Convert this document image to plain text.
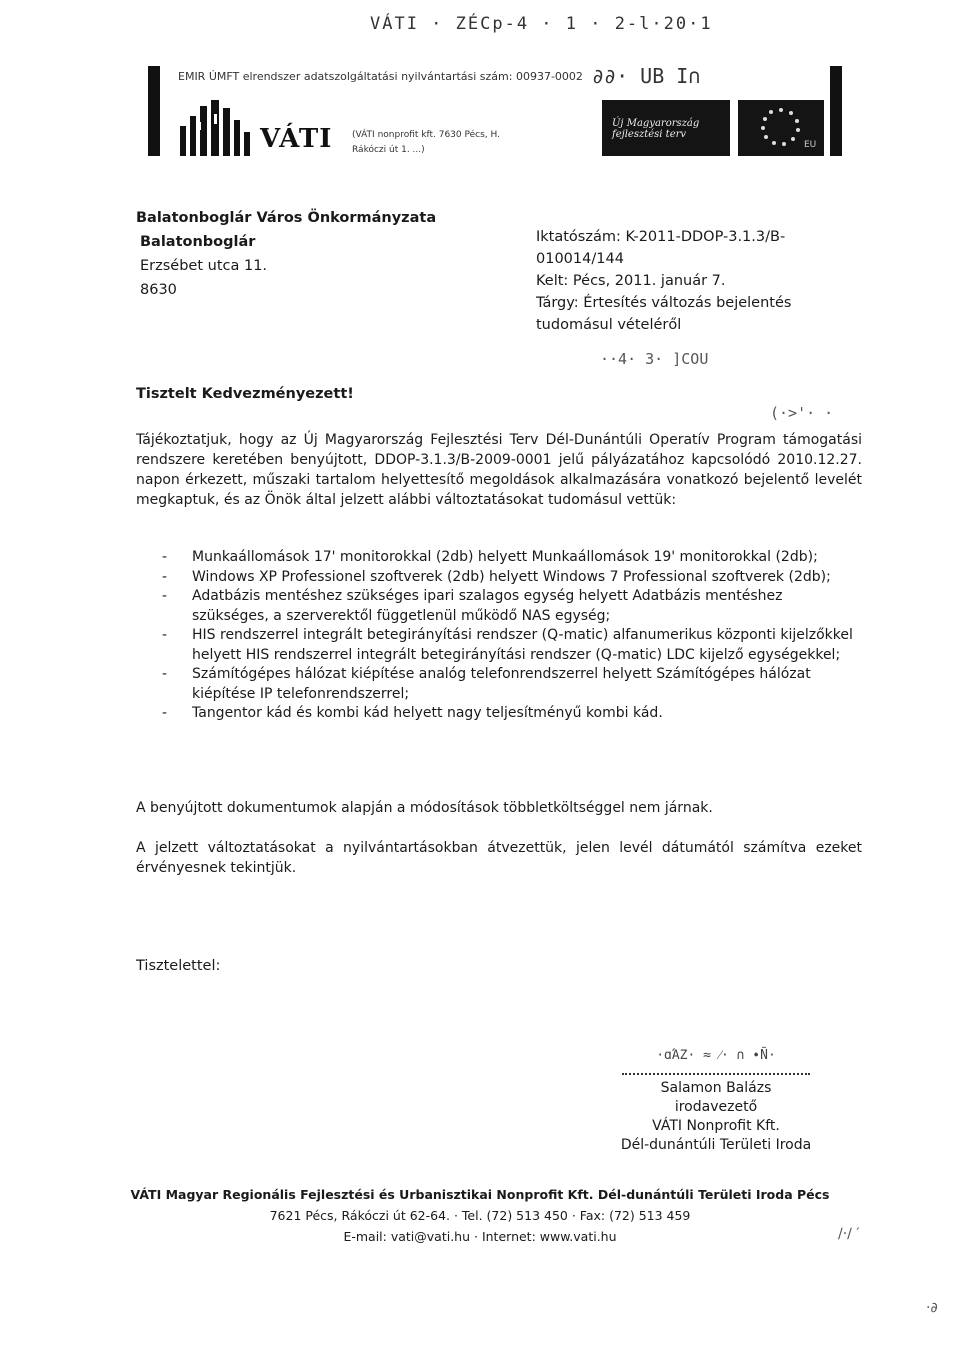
VÁTI · ZÉCp-4 · 1 · 2-l·20·1
EMIR ÚMFT elrendszer adatszolgáltatási nyilvántartási szám: 00937-0002 ∂∂· UB I∩
VÁTI (VÁTI nonprofit kft. 7630 Pécs, H. Rákóczi út 1. ...)
Új Magyarország fejlesztési terv
EU
Balatonboglár Város Önkormányzata
Balatonboglár
Erzsébet utca 11.
8630
Iktatószám: K-2011-DDOP-3.1.3/B-
010014/144
Kelt: Pécs, 2011. január 7.
Tárgy: Értesítés változás bejelentés
tudomásul vételéről
··4· 3· ]COU
(·>'· ·
Tisztelt Kedvezményezett!
Tájékoztatjuk, hogy az Új Magyarország Fejlesztési Terv Dél-Dunántúli Operatív Program támogatási rendszere keretében benyújtott, DDOP-3.1.3/B-2009-0001 jelű pályázatához kapcsolódó 2010.12.27. napon érkezett, műszaki tartalom helyettesítő megoldások alkalmazására vonatkozó bejelentő levelét megkaptuk, és az Önök által jelzett alábbi változtatásokat tudomásul vettük:
- Munkaállomások 17' monitorokkal (2db) helyett Munkaállomások 19' monitorokkal (2db);
- Windows XP Professionel szoftverek (2db) helyett Windows 7 Professional szoftverek (2db);
- Adatbázis mentéshez szükséges ipari szalagos egység helyett Adatbázis mentéshez szükséges, a szerverektől függetlenül működő NAS egység;
- HIS rendszerrel integrált betegirányítási rendszer (Q-matic) alfanumerikus központi kijelzőkkel helyett HIS rendszerrel integrált betegirányítási rendszer (Q-matic) LDC kijelző egységekkel;
- Számítógépes hálózat kiépítése analóg telefonrendszerrel helyett Számítógépes hálózat kiépítése IP telefonrendszerrel;
- Tangentor kád és kombi kád helyett nagy teljesítményű kombi kád.
A benyújtott dokumentumok alapján a módosítások többletköltséggel nem járnak.
A jelzett változtatásokat a nyilvántartásokban átvezettük, jelen levél dátumától számítva ezeket érvényesnek tekintjük.
Tisztelettel:
·ɑΆΖ· ≈ ⁄· ∩ ∙Ñ·
Salamon Balázs
irodavezető
VÁTI Nonprofit Kft.
Dél-dunántúli Területi Iroda
VÁTI Magyar Regionális Fejlesztési és Urbanisztikai Nonprofit Kft. Dél-dunántúli Területi Iroda Pécs
7621 Pécs, Rákóczi út 62-64. · Tel. (72) 513 450 · Fax: (72) 513 459
E-mail: vati@vati.hu · Internet: www.vati.hu	∕·∕ ′
·∂
